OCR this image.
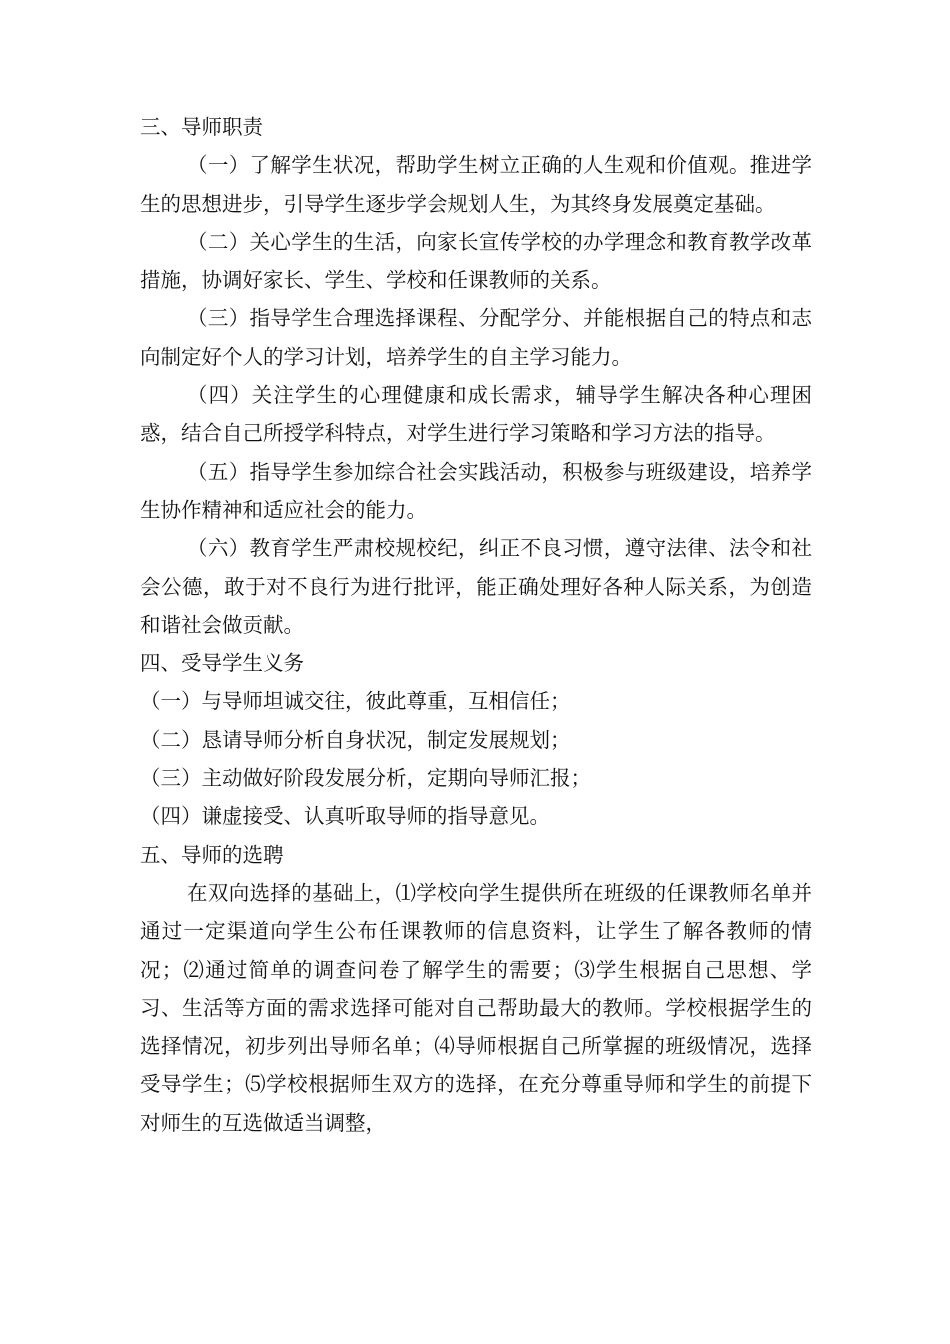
三、导师职责

（一）了解学生状况，帮助学生树立正确的人生观和价值观。推进学生的思想进步，引导学生逐步学会规划人生，为其终身发展奠定基础。

（二）关心学生的生活，向家长宣传学校的办学理念和教育教学改革措施，协调好家长、学生、学校和任课教师的关系。

（三）指导学生合理选择课程、分配学分、并能根据自己的特点和志向制定好个人的学习计划，培养学生的自主学习能力。

（四）关注学生的心理健康和成长需求，辅导学生解决各种心理困惑，结合自己所授学科特点，对学生进行学习策略和学习方法的指导。

（五）指导学生参加综合社会实践活动，积极参与班级建设，培养学生协作精神和适应社会的能力。

（六）教育学生严肃校规校纪，纠正不良习惯，遵守法律、法令和社会公德，敢于对不良行为进行批评，能正确处理好各种人际关系，为创造和谐社会做贡献。

四、受导学生义务

（一）与导师坦诚交往，彼此尊重，互相信任；

（二）恳请导师分析自身状况，制定发展规划；

（三）主动做好阶段发展分析，定期向导师汇报；

（四）谦虚接受、认真听取导师的指导意见。

五、导师的选聘

在双向选择的基础上，⑴学校向学生提供所在班级的任课教师名单并通过一定渠道向学生公布任课教师的信息资料，让学生了解各教师的情况；⑵通过简单的调查问卷了解学生的需要；⑶学生根据自己思想、学习、生活等方面的需求选择可能对自己帮助最大的教师。学校根据学生的选择情况，初步列出导师名单；⑷导师根据自己所掌握的班级情况，选择受导学生；⑸学校根据师生双方的选择，在充分尊重导师和学生的前提下对师生的互选做适当调整，
